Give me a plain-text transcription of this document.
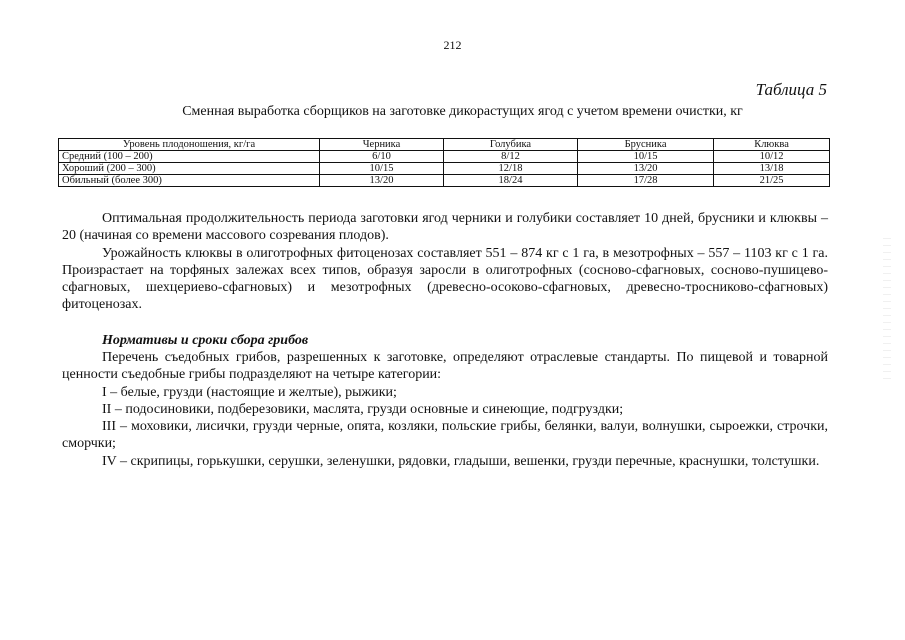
212
Таблица 5
Сменная выработка сборщиков на заготовке дикорастущих ягод с учетом времени очистки, кг
Уровень плодоношения, кг/га	Черника	Голубика	Брусника	Клюква
Средний (100 – 200)	6/10	8/12	10/15	10/12
Хороший (200 – 300)	10/15	12/18	13/20	13/18
Обильный (более 300)	13/20	18/24	17/28	21/25

Оптимальная продолжительность периода заготовки ягод черники и голубики составляет 10 дней, брусники и клюквы – 20 (начиная со времени массового созревания плодов).

Урожайность клюквы в олиготрофных фитоценозах составляет 551 – 874 кг с 1 га, в мезотрофных – 557 – 1103 кг с 1 га. Произрастает на торфяных залежах всех типов, образуя заросли в олиготрофных (сосново-сфагновых, сосново-пушицево-сфагновых, шехцериево-сфагновых) и мезотрофных (древесно-осоково-сфагновых, древесно-тросниково-сфагновых) фитоценозах.

Нормативы и сроки сбора грибов

Перечень съедобных грибов, разрешенных к заготовке, определяют отраслевые стандарты. По пищевой и товарной ценности съедобные грибы подразделяют на четыре категории:

I – белые, грузди (настоящие и желтые), рыжики;

II – подосиновики, подберезовики, маслята, грузди основные и синеющие, подгруздки;

III – моховики, лисички, грузди черные, опята, козляки, польские грибы, белянки, валуи, волнушки, сыроежки, строчки, сморчки;

IV – скрипицы, горькушки, серушки, зеленушки, рядовки, гладыши, вешенки, грузди перечные, краснушки, толстушки.
